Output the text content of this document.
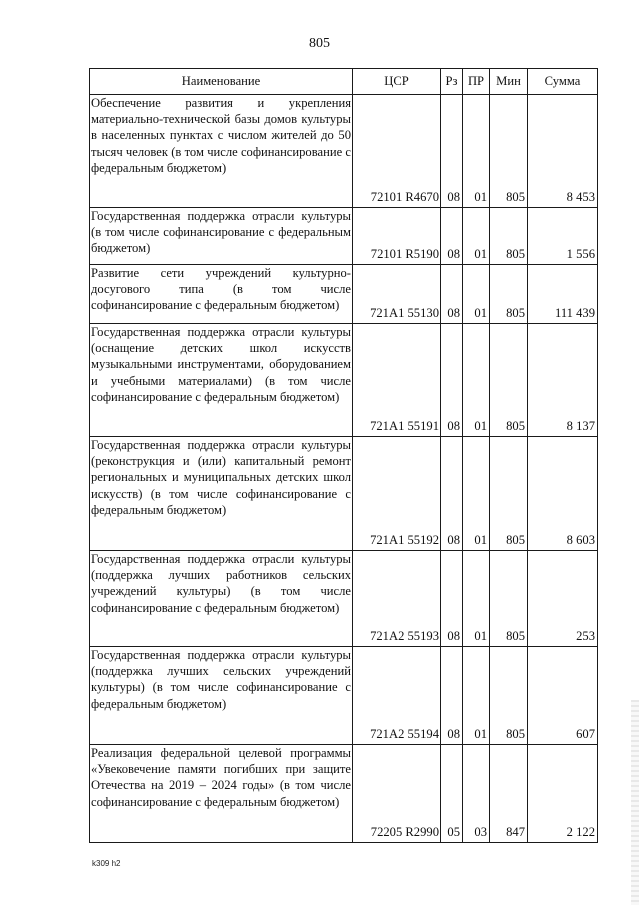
805
Наименование	ЦСР	Рз	ПР	Мин	Сумма
Обеспечение развития и укрепления материально-технической базы домов культуры в населенных пунктах с числом жителей до 50 тысяч человек (в том числе софинансирование с федеральным бюджетом)	72101 R4670	08	01	805	8 453
Государственная поддержка отрасли культуры (в том числе софинансирование с федеральным бюджетом)	72101 R5190	08	01	805	1 556
Развитие сети учреждений культурно-досугового типа (в том числе софинансирование с федеральным бюджетом)	721A1 55130	08	01	805	111 439
Государственная поддержка отрасли культуры (оснащение детских школ искусств музыкальными инструментами, оборудованием и учебными материалами) (в том числе софинансирование с федеральным бюджетом)	721A1 55191	08	01	805	8 137
Государственная поддержка отрасли культуры (реконструкция и (или) капитальный ремонт региональных и муниципальных детских школ искусств) (в том числе софинансирование с федеральным бюджетом)	721A1 55192	08	01	805	8 603
Государственная поддержка отрасли культуры (поддержка лучших работников сельских учреждений культуры) (в том числе софинансирование с федеральным бюджетом)	721A2 55193	08	01	805	253
Государственная поддержка отрасли культуры (поддержка лучших сельских учреждений культуры) (в том числе софинансирование с федеральным бюджетом)	721A2 55194	08	01	805	607
Реализация федеральной целевой программы «Увековечение памяти погибших при защите Отечества на 2019 – 2024 годы» (в том числе софинансирование с федеральным бюджетом)	72205 R2990	05	03	847	2 122
k309 h2
